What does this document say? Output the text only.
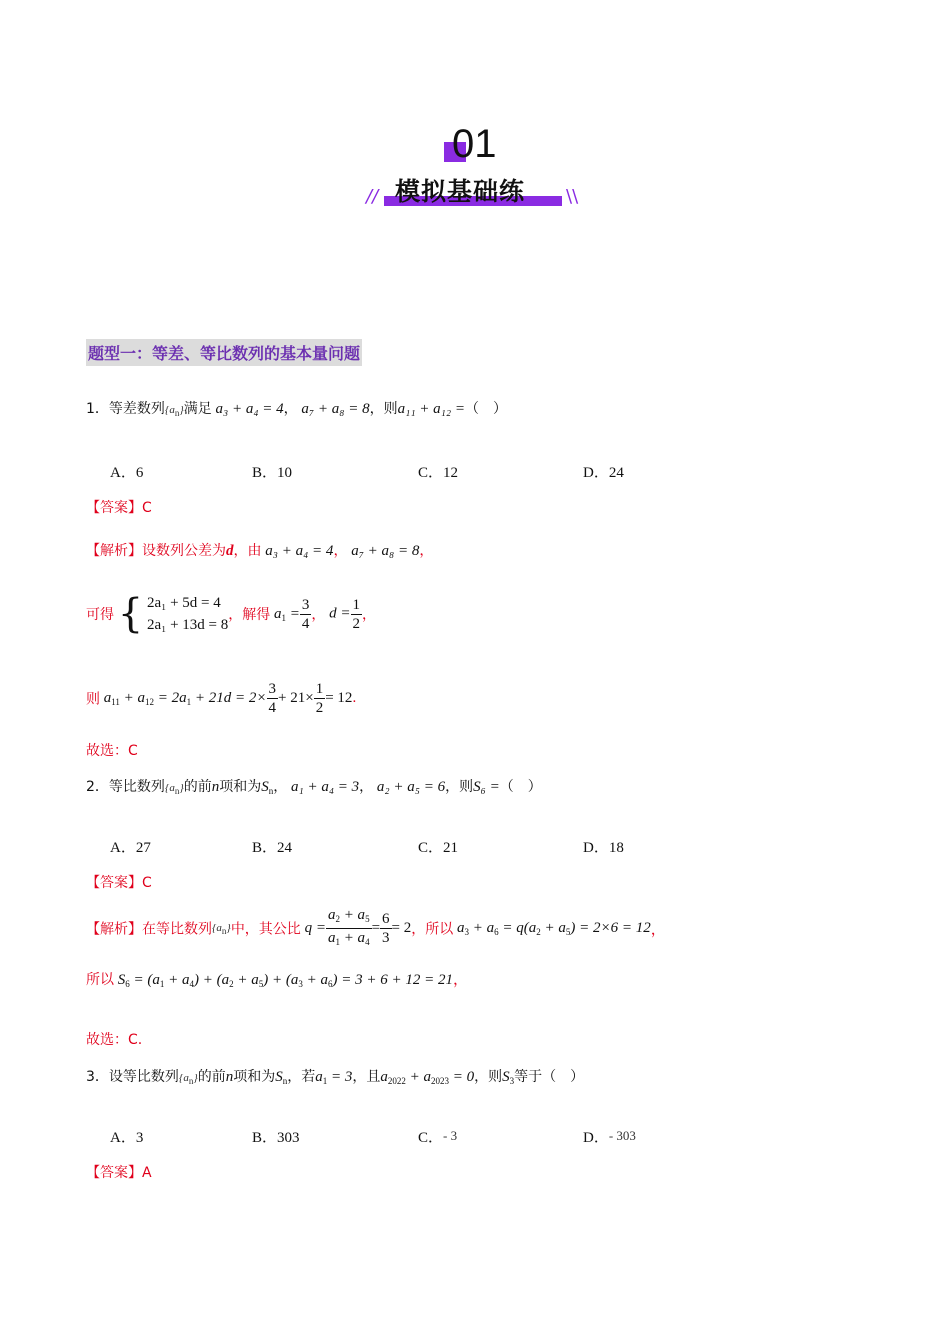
01
// 模拟基础练 \\
题型一：等差、等比数列的基本量问题
1．等差数列$\{a_n\}$满足 a₃ + a₄ = 4， a₇ + a₈ = 8，则a₁₁ + a₁₂ =（　）
A．6	B．10	C．12	D．24
【答案】C
【解析】设数列公差为d，由 a₃ + a₄ = 4， a₇ + a₈ = 8，
可得 { 2a₁ + 5d = 4
2a₁ + 13d = 8
，解得 $a_1 = \frac{3}{4}$ ， $d = \frac{1}{2}$ ，
则 $a_{11} + a_{12} = 2a_1 + 21d = 2\times \frac{3}{4} + 21\times \frac{1}{2} = 12$.
故选：C
2．等比数列$\{a_n\}$的前n项和为$S_n$， a₁ + a₄ = 3， a₂ + a₅ = 6，则S₆ =（　）
A．27	B．24	C．21	D．18
【答案】C
【解析】在等比数列$\{a_n\}$中，其公比 $q = \frac{a_2 + a_5}{a_1 + a_4} = \frac{6}{3} = 2$，所以 $a_3 + a_6 = q(a_2 + a_5) = 2\times 6 = 12$，
所以 $S_6 = (a_1 + a_4) + (a_2 + a_5) + (a_3 + a_6) = 3 + 6 + 12 = 21$，
故选：C.
3．设等比数列$\{a_n\}$的前n项和为$S_n$，若$a_1 = 3$，且$a_{2022} + a_{2023} = 0$，则$S_3$等于（　）
A．3	B．303	C．- 3	D．- 303
【答案】A
